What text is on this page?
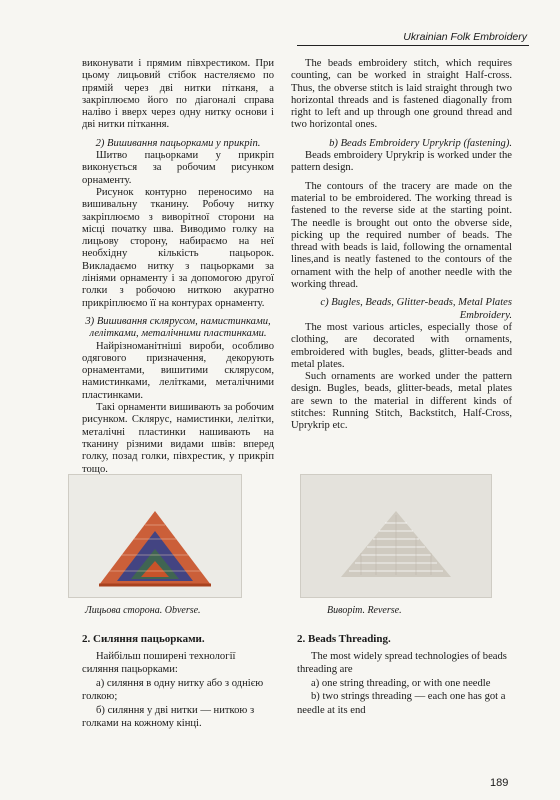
Ukrainian Folk Embroidery

виконувати і прямим півхрестиком. При цьому лицьовий стібок настеляємо по прямій через дві нитки пітканя, а закріплюємо його по діагоналі справа наліво і вверх через одну нитку основи і дві нитки піткання.

2) Вишивання пацьорками у прикріп.

Шитво пацьорками у прикріп виконується за робочим рисунком орнаменту.

Рисунок контурно переносимо на вишивальну тканину. Робочу нитку закріплюємо з виворітної сторони на місці початку шва. Виводимо голку на лицьову сторону, набираємо на неї необхідну кількість пацьорок. Викладаємо нитку з пацьорками за лініями орнаменту і за допомогою другої голки з робочою ниткою акуратно прикріплюємо її на контурах орнаменту.

3) Вишивання склярусом, намистинками, лелітками, металічними пластинками.

Найрізноманітніші вироби, особливо одягового призначення, декорують орнаментами, вишитими склярусом, намистинками, лелітками, металічними пластинками.

Такі орнаменти вишивають за робочим рисунком. Скляруc, намистинки, лелітки, металічні пластинки нашивають на тканину різними видами швів: вперед голку, позад голки, півхрестик, у прикріп тощо.

The beads embroidery stitch, which requires counting, can be worked in straight Half-cross. Thus, the obverse stitch is laid straight through two horizontal threads and is fastened diagonally from right to left and up through one ground thread and two horizontal ones.

b) Beads Embroidery Uprykrip (fastening).

Beads embroidery Uprykrip is worked under the pattern design.

The contours of the tracery are made on the material to be embroidered. The working thread is fastened to the reverse side at the starting point. The needle is brought out onto the obverse side, picking up the required number of beads. The thread with beads is laid, following the ornamental lines,and is neatly fastened to the contours of the ornament with the help of another needle with the working thread.

c) Bugles, Beads, Glitter-beads, Metal Plates Embroidery.

The most various articles, especially those of clothing, are decorated with ornaments, embroidered with bugles, beads, glitter-beads and metal plates.

Such ornaments are worked under the pattern design. Bugles, beads, glitter-beads, metal plates are sewn to the material in different kinds of stitches: Running Stitch, Backstitch, Half-Cross, Uprykrip etc.

Лицьова сторона. Obverse.	Виворіт. Reverse.
2. Силяння пацьорками.

Найбільш поширені технології силяння пацьорками:

а) силяння в одну нитку або з однією голкою;

б) силяння у дві нитки — ниткою з голками на кожному кінці.

2. Beads Threading.

The most widely spread technologies of beads threading are

a) one string threading, or with one needle

b) two strings threading — each one has got a needle at its end

189
